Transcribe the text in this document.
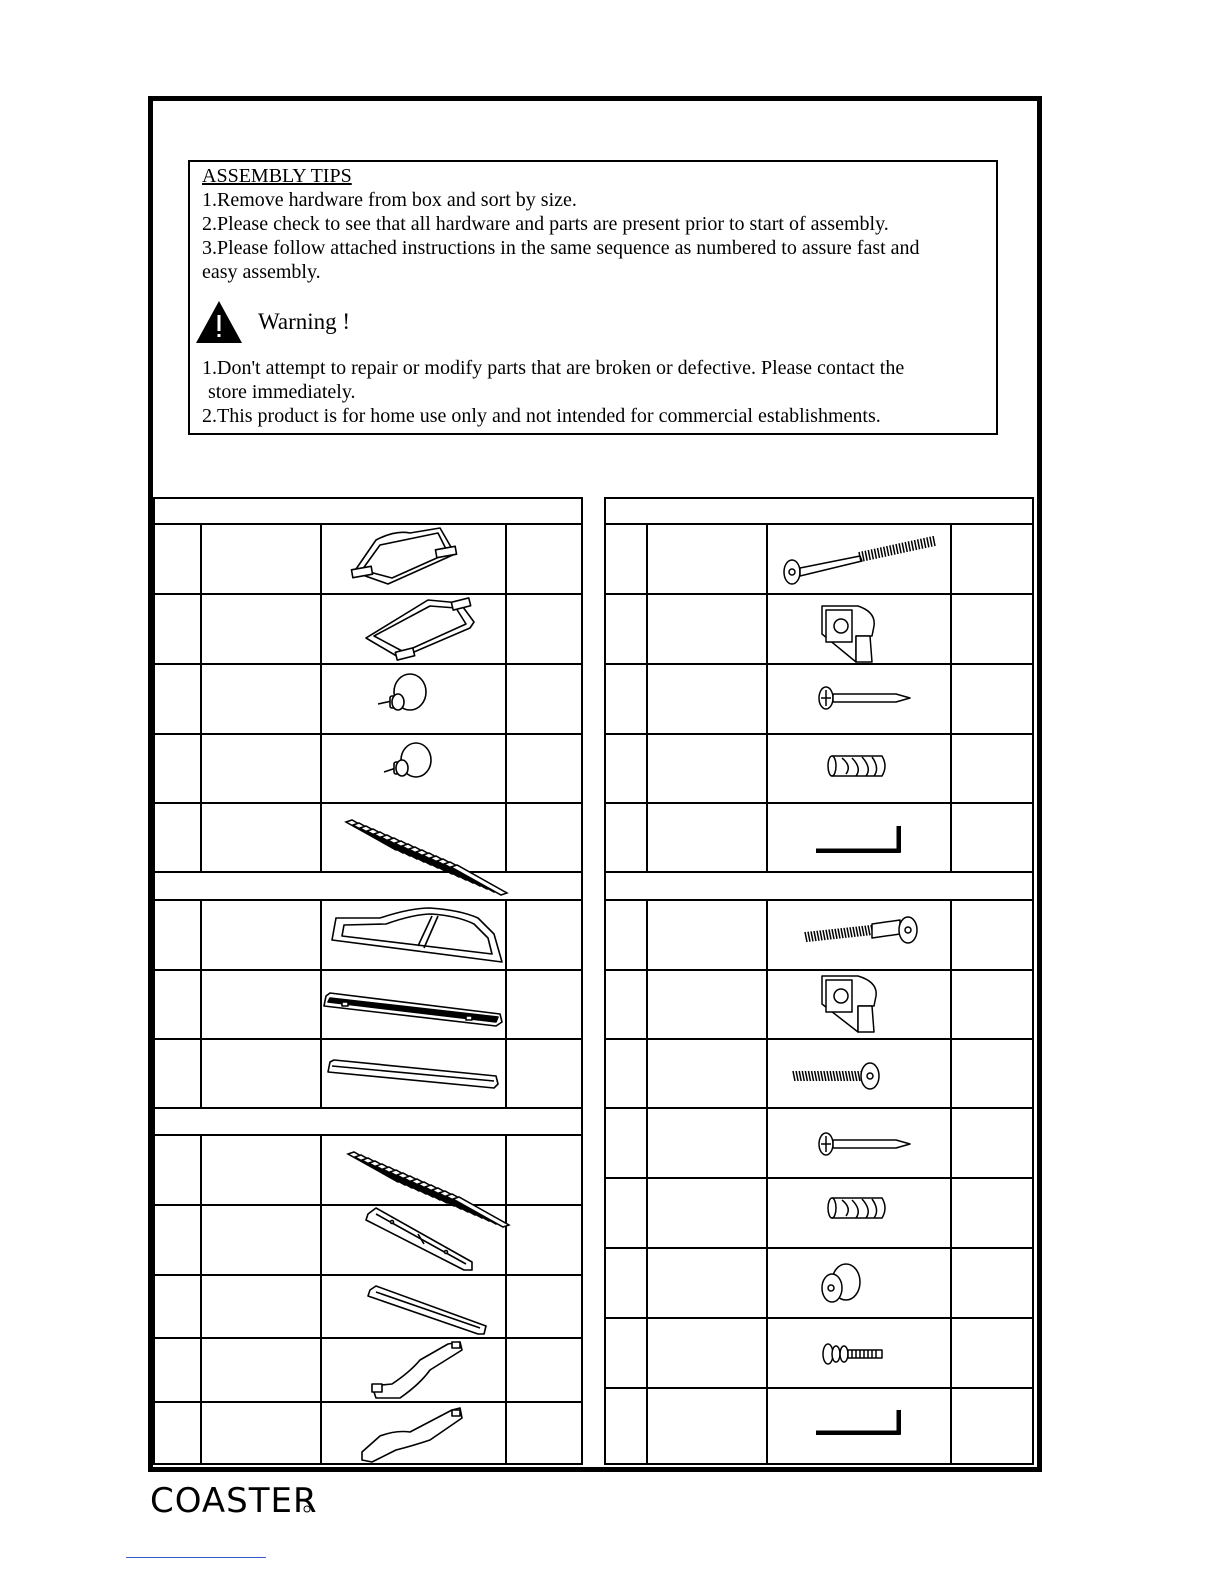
ASSEMBLY TIPS

1.Remove hardware from box and sort by size.

2.Please check to see that all hardware and parts are present prior to start of assembly.

3.Please follow attached instructions in the same sequence as numbered to assure fast and

easy assembly.

Warning !

1.Don't attempt to repair or modify parts that are broken or defective. Please contact the

store immediately.

2.This product is for home use only and not intended for commercial establishments.

COASTER
